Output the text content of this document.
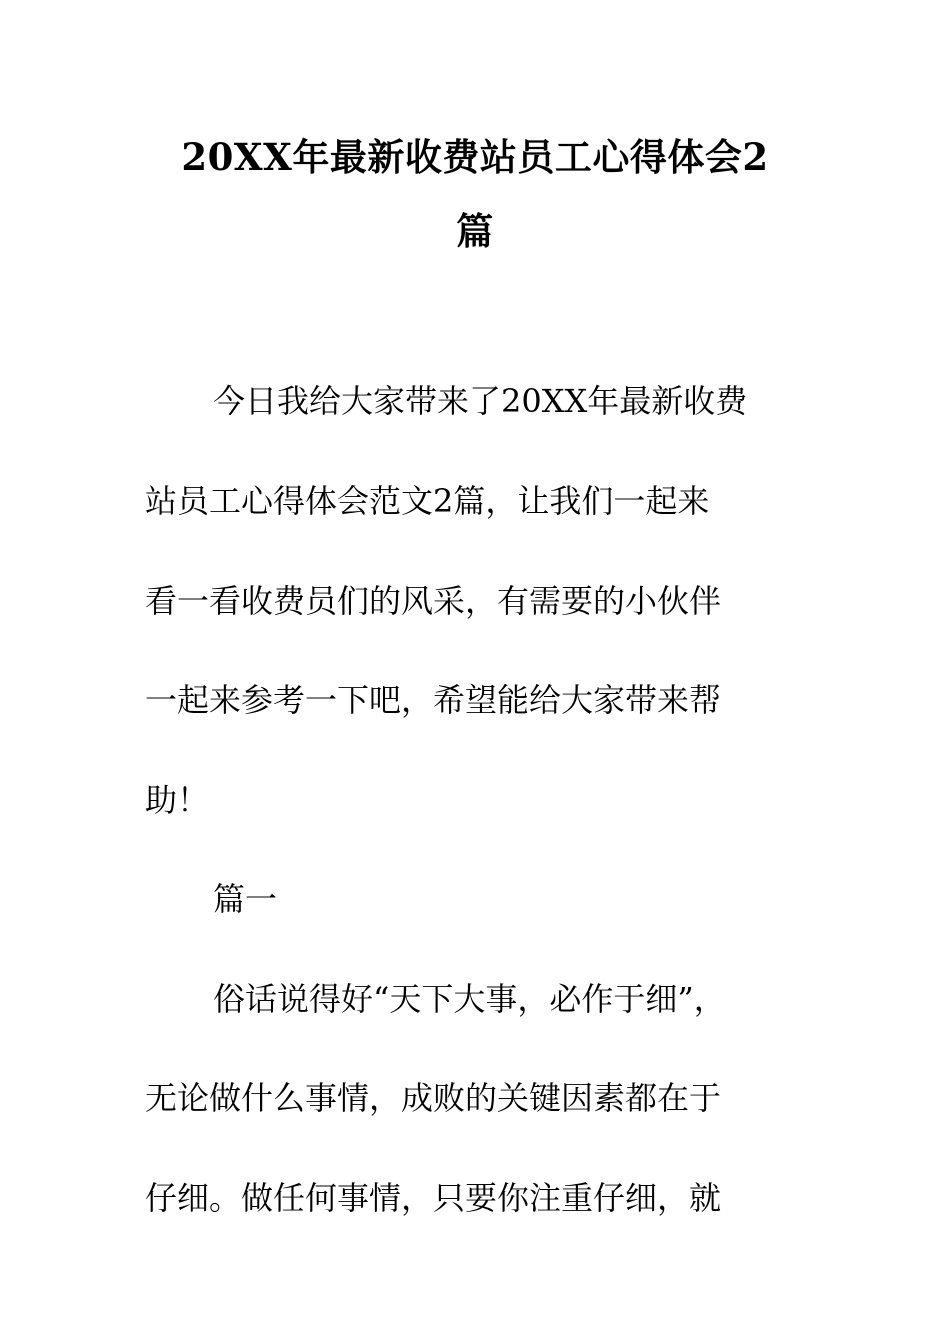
20XX年最新收费站员工心得体会2
篇
今日我给大家带来了20XX年最新收费
站员工心得体会范文2篇，让我们一起来
看一看收费员们的风采，有需要的小伙伴
一起来参考一下吧，希望能给大家带来帮
助！
篇一
俗话说得好“天下大事，必作于细”，
无论做什么事情，成败的关键因素都在于
仔细。做任何事情，只要你注重仔细，就
